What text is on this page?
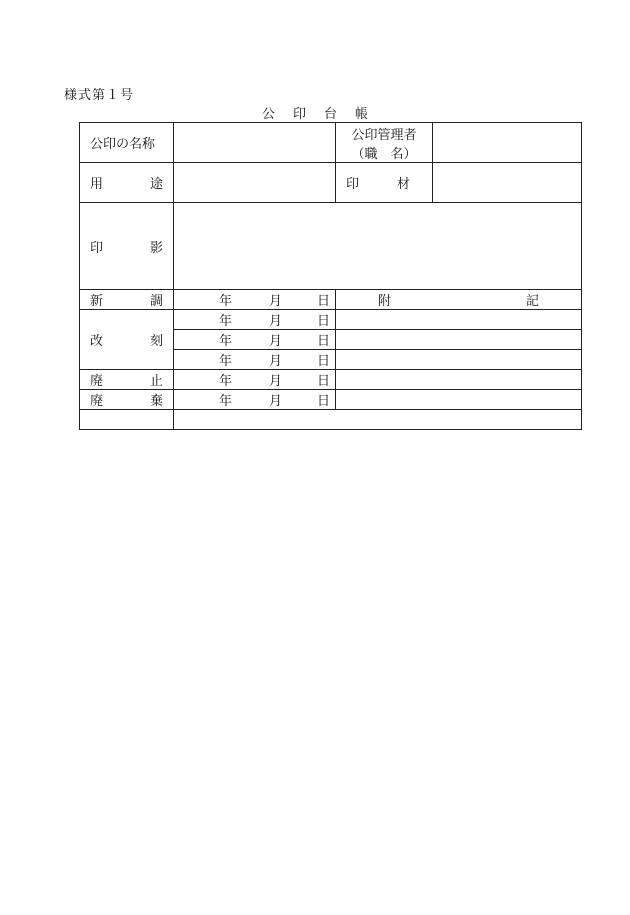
様式第１号
公 印 台 帳
公印の名称		公印管理者
（職　名）	

用 途		印 材	

印 影			

新 調	年 月 日	附 記	

改 刻	年 月 日		

	年 月 日		

	年 月 日		

廃 止	年 月 日		

廃 棄	年 月 日		
